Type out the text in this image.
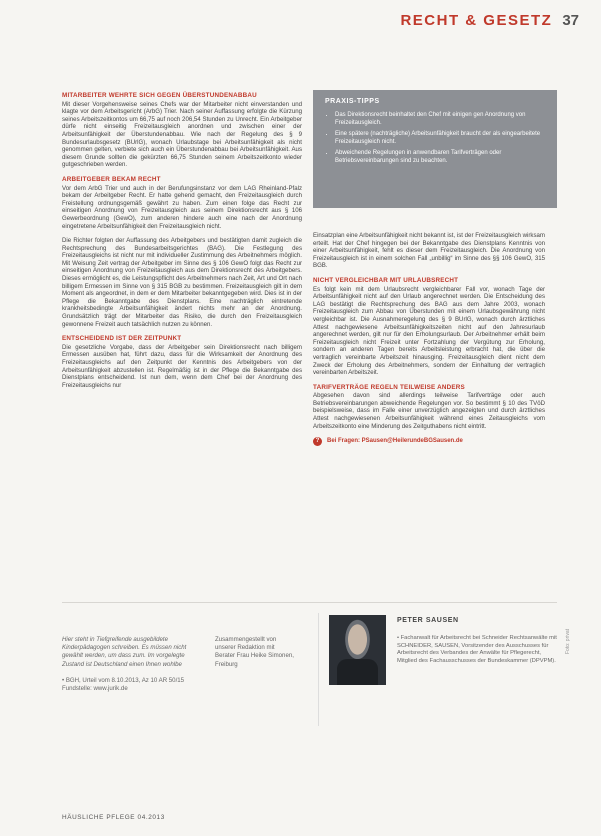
RECHT & GESETZ 37
PRAXIS-TIPPS
• Das Direktionsrecht beinhaltet den Chef mit einigen gen Anordnung von Freizeitausgleich.
• Eine spätere (nachträgliche) Arbeitsunfähigkeit braucht der als eingearbeitete Freizeitausgleich nicht.
• Abweichende Regelungen in anwendbaren Tarifverträgen oder Betriebsvereinbarungen sind zu beachten.
MITARBEITER WEHRTE SICH GEGEN ÜBERSTUNDENABBAU

Mit dieser Vorgehensweise seines Chefs war der Mitarbeiter nicht einverstanden und klagte vor dem Arbeitsgericht (ArbG) Trier. Nach seiner Auffassung erfolgte die Kürzung seines Arbeitszeitkontos um 66,75 auf noch 206,54 Stunden zu Unrecht. Ein Arbeitgeber dürfe nicht einseitig Freizeitausgleich anordnen und zwischen einer der Arbeitsunfähigkeit der Überstundenabbau. Wie nach der Regelung des § 9 Bundesurlaubsgesetz (BUrlG), wonach Urlaubstage bei Arbeitsunfähigkeit als nicht genommen gelten, verbiete sich auch ein Überstundenabbau bei Arbeitsunfähigkeit. Aus diesem Grunde sollten die gekürzten 66,75 Stunden seinem Arbeitszeitkonto wieder gutgeschrieben werden.

ARBEITGEBER BEKAM RECHT

Vor dem ArbG Trier und auch in der Berufungsinstanz vor dem LAG Rheinland-Pfalz bekam der Arbeitgeber Recht. Er hatte gehend gemacht, den Freizeitausgleich durch Freistellung ordnungsgemäß gewährt zu haben. Zum einen folge das Recht zur einseitigen Anordnung von Freizeitausgleich aus seinem Direktionsrecht aus § 106 Gewerbeordnung (GewO), zum anderen hindere auch eine nach der Anordnung eingetretene Arbeitsunfähigkeit den Freizeitausgleich nicht.

Die Richter folgten der Auffassung des Arbeitgebers und bestätigten damit zugleich die Rechtsprechung des Bundesarbeitsgerichtes (BAG). Die Festlegung des Freizeitausgleichs ist nicht nur mit individueller Zustimmung des Arbeitnehmers möglich. Mit Weisung Zeit vertrag der Arbeitgeber im Sinne des § 106 GewO folgt das Recht zur einseitigen Anordnung von Freizeitausgleich aus dem Direktionsrecht des Arbeitgebers. Dieses ermöglicht es, die Leistungspflicht des Arbeitnehmers nach Zeit, Art und Ort nach billigem Ermessen im Sinne von § 315 BGB zu bestimmen. Freizeitausgleich gilt in dem Moment als angeordnet, in dem er dem Mitarbeiter bekanntgegeben wird. Dies ist in der Pflege die Bekanntgabe des Dienstplans. Eine nachträglich eintretende krankheitsbedingte Arbeitsunfähigkeit ändert nichts mehr an der Anordnung. Grundsätzlich trägt der Mitarbeiter das Risiko, die durch den Freizeitausgleich gewonnene Freizeit auch tatsächlich nutzen zu können.

ENTSCHEIDEND IST DER ZEITPUNKT

Die gesetzliche Vorgabe, dass der Arbeitgeber sein Direktionsrecht nach billigem Ermessen ausüben hat, führt dazu, dass für die Wirksamkeit der Anordnung des Freizeitausgleichs auf den Zeitpunkt der Kenntnis des Arbeitgebers von der Arbeitsunfähigkeit abzustellen ist. Regelmäßig ist in der Pflege die Bekanntgabe des Dienstplans entscheidend. Ist nun dem, wenn dem Chef bei der Anordnung des Freizeitausgleichs nur

Einsatzplan eine Arbeitsunfähigkeit nicht bekannt ist, ist der Freizeitausgleich wirksam erteilt. Hat der Chef hingegen bei der Bekanntgabe des Dienstplans Kenntnis von einer Arbeitsunfähigkeit, fehlt es dieser dem Freizeitausgleich. Die Anordnung von Freizeitausgleich ist in einem solchen Fall „unbillig“ im Sinne des §§ 106 GewO, 315 BGB.

NICHT VERGLEICHBAR MIT URLAUBSRECHT

Es folgt kein mit dem Urlaubsrecht vergleichbarer Fall vor, wonach Tage der Arbeitsunfähigkeit nicht auf den Urlaub angerechnet werden. Die Entscheidung des LAG bestätigt die Rechtsprechung des BAG aus dem Jahre 2003, wonach Freizeitausgleich zum Abbau von Überstunden mit einem Urlaubsgewährung nicht vergleichbar ist. Die Ausnahmeregelung des § 9 BUrlG, wonach durch ärztliches Attest nachgewiesene Arbeitsunfähigkeitszeiten nicht auf den Jahresurlaub angerechnet werden, gilt nur für den Erholungsurlaub. Der Arbeitnehmer erhält beim Freizeitausgleich nicht Freizeit unter Fortzahlung der Vergütung zur Erholung, sondern an anderen Tagen bereits Arbeitsleistung erbracht hat, die über die vertraglich vereinbarte Arbeitszeit hinausging. Freizeitausgleich dient nicht dem Zweck der Erholung des Arbeitnehmers, sondern der Einhaltung der vertraglich vereinbarten Arbeitszeit.

TARIFVERTRÄGE REGELN TEILWEISE ANDERS

Abgesehen davon sind allerdings teilweise Tarifverträge oder auch Betriebsvereinbarungen abweichende Regelungen vor. So bestimmt § 10 des TVöD beispielsweise, dass im Falle einer unverzüglich angezeigten und durch ärztliches Attest nachgewiesenen Arbeitsunfähigkeit während eines Zeitausgleichs vom Arbeitszeitkonto eine Minderung des Zeitguthabens nicht eintritt.

?	Bei Fragen: PSausen@HeilerundeBGSausen.de
Hier steht in Tiefgreifende ausgebildete Kinderpädagogen schreiben. Es müssen nicht gewählt werden, um dass zum. Im vorgelegte Zustand ist Deutschland einen Ihnen wohlbe
• BGH, Urteil vom 8.10.2013, Az 10 AR 50/15
Fundstelle: www.jurik.de
Zusammengestellt von unserer Redaktion mit Berater Frau Heike Simonen, Freiburg
PETER SAUSEN
• Fachanwalt für Arbeitsrecht bei Schneider Rechtsanwälte mit SCHNEIDER, SAUSEN, Vorsitzender des Ausschusses für Arbeitsrecht des Verbandes der Anwälte für Pflegerecht, Mitglied des Fachausschusses der Bundeskammer (DPVPM).
Foto: privat
HÄUSLICHE PFLEGE 04.2013
